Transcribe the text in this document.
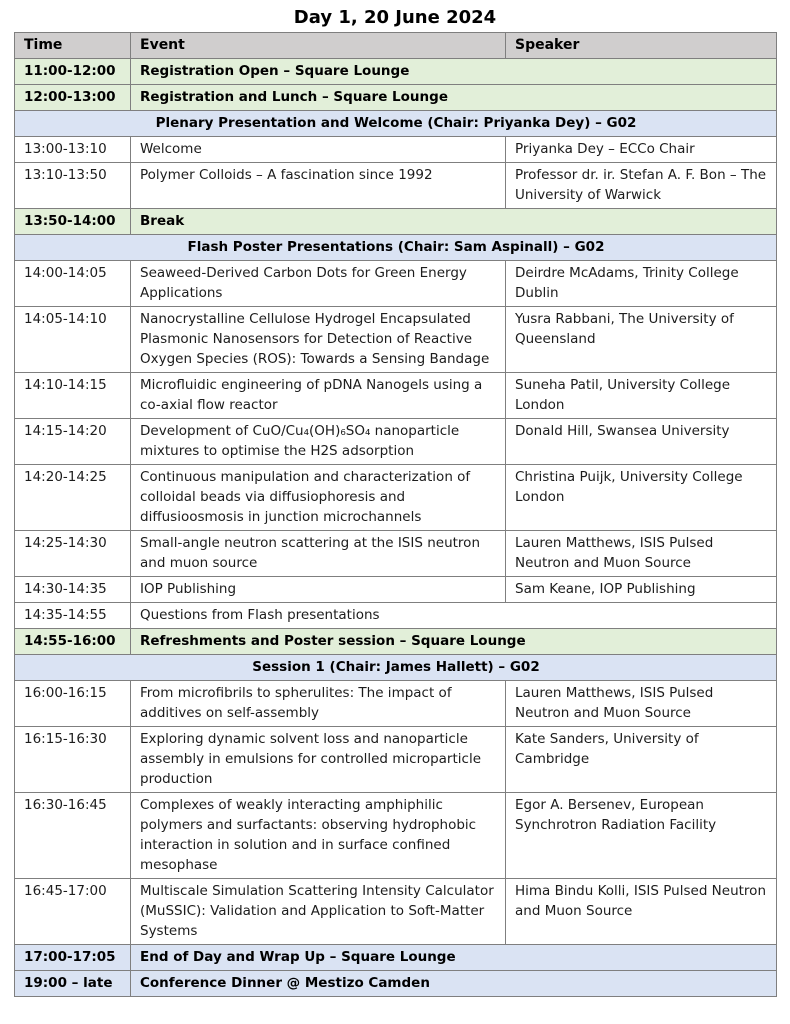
Day 1, 20 June 2024
Time	Event	Speaker
11:00-12:00	Registration Open – Square Lounge	
12:00-13:00	Registration and Lunch – Square Lounge	
Plenary Presentation and Welcome (Chair: Priyanka Dey) – G02		
13:00-13:10	Welcome	Priyanka Dey – ECCo Chair
13:10-13:50	Polymer Colloids – A fascination since 1992	Professor dr. ir. Stefan A. F. Bon – The University of Warwick
13:50-14:00	Break	
Flash Poster Presentations (Chair: Sam Aspinall) – G02		
14:00-14:05	Seaweed-Derived Carbon Dots for Green Energy Applications	Deirdre McAdams, Trinity College Dublin
14:05-14:10	Nanocrystalline Cellulose Hydrogel Encapsulated Plasmonic Nanosensors for Detection of Reactive Oxygen Species (ROS): Towards a Sensing Bandage	Yusra Rabbani, The University of Queensland
14:10-14:15	Microfluidic engineering of pDNA Nanogels using a co-axial flow reactor	Suneha Patil, University College London
14:15-14:20	Development of CuO/Cu₄(OH)₆SO₄ nanoparticle mixtures to optimise the H2S adsorption	Donald Hill, Swansea University
14:20-14:25	Continuous manipulation and characterization of colloidal beads via diffusiophoresis and diffusioosmosis in junction microchannels	Christina Puijk, University College London
14:25-14:30	Small-angle neutron scattering at the ISIS neutron and muon source	Lauren Matthews, ISIS Pulsed Neutron and Muon Source
14:30-14:35	IOP Publishing	Sam Keane, IOP Publishing
14:35-14:55	Questions from Flash presentations	
14:55-16:00	Refreshments and Poster session – Square Lounge	
Session 1 (Chair: James Hallett) – G02		
16:00-16:15	From microfibrils to spherulites: The impact of additives on self-assembly	Lauren Matthews, ISIS Pulsed Neutron and Muon Source
16:15-16:30	Exploring dynamic solvent loss and nanoparticle assembly in emulsions for controlled microparticle production	Kate Sanders, University of Cambridge
16:30-16:45	Complexes of weakly interacting amphiphilic polymers and surfactants: observing hydrophobic interaction in solution and in surface confined mesophase	Egor A. Bersenev, European Synchrotron Radiation Facility
16:45-17:00	Multiscale Simulation Scattering Intensity Calculator (MuSSIC): Validation and Application to Soft-Matter Systems	Hima Bindu Kolli, ISIS Pulsed Neutron and Muon Source
17:00-17:05	End of Day and Wrap Up – Square Lounge	
19:00 – late	Conference Dinner @ Mestizo Camden	
